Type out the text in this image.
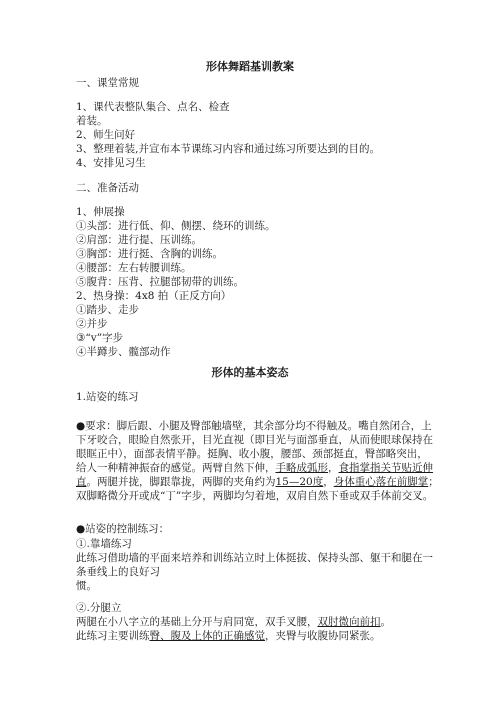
形体舞蹈基训教案
一、课堂常规
1、课代表整队集合、点名、检查
着装。
2、师生问好
3、整理着装,并宣布本节课练习内容和通过练习所要达到的目的。
4、安排见习生
二、准备活动
1、伸展操
①头部：进行低、仰、侧摆、绕环的训练。
②肩部：进行提、压训练。
③胸部：进行挺、含胸的训练。
④腰部：左右转腰训练。
⑤腹背：压背、拉腿部韧带的训练。
2、热身操：4x8 拍（正反方向）
①踏步、走步
②并步
③“v”字步
④半蹲步、髋部动作
形体的基本姿态
1.站姿的练习
●要求：脚后跟、小腿及臀部触墙壁，其余部分均不得触及。嘴自然闭合，上
下牙咬合，眼睑自然张开，目光直视（即目光与面部垂直，从而使眼球保持在
眼眶正中），面部表情平静。挺胸、收小腹，腰部、颈部挺直，臀部略突出，
给人一种精神振奋的感觉。两臂自然下伸，手略成弧形，食指掌指关节贴近伸
直。两腿并拢，脚跟靠拢，两脚的夹角约为15—20度，身体重心落在前脚掌；
双脚略微分开或成“丁”字步，两脚均匀着地，双肩自然下垂或双手体前交叉。
●站姿的控制练习：
①.靠墙练习
此练习借助墙的平面来培养和训练站立时上体挺拔、保持头部、躯干和腿在一
条垂线上的良好习
惯。
②.分腿立
两腿在小八字立的基础上分开与肩同宽，双手叉腰，双肘微向前扣。
此练习主要训练臀、腹及上体的正确感觉，夹臀与收腹协同紧张。
